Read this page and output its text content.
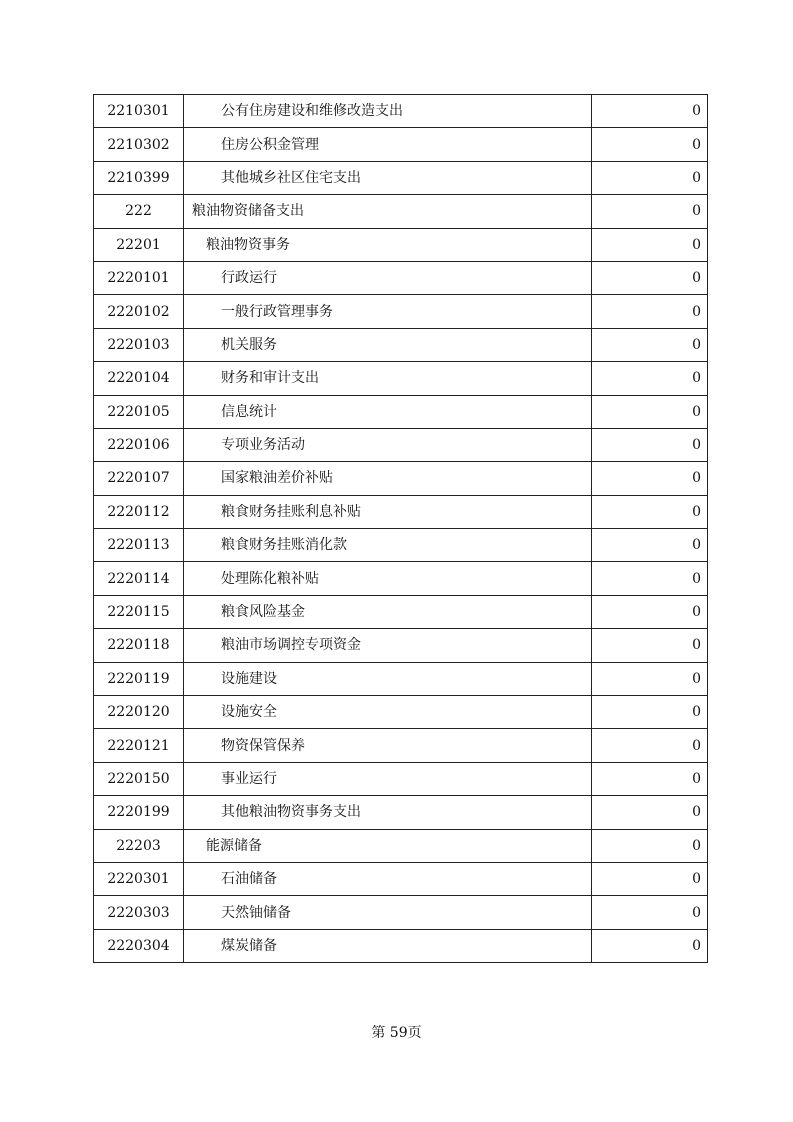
2210301	公有住房建设和维修改造支出	0
2210302	住房公积金管理	0
2210399	其他城乡社区住宅支出	0
222	粮油物资储备支出	0
22201	粮油物资事务	0
2220101	行政运行	0
2220102	一般行政管理事务	0
2220103	机关服务	0
2220104	财务和审计支出	0
2220105	信息统计	0
2220106	专项业务活动	0
2220107	国家粮油差价补贴	0
2220112	粮食财务挂账利息补贴	0
2220113	粮食财务挂账消化款	0
2220114	处理陈化粮补贴	0
2220115	粮食风险基金	0
2220118	粮油市场调控专项资金	0
2220119	设施建设	0
2220120	设施安全	0
2220121	物资保管保养	0
2220150	事业运行	0
2220199	其他粮油物资事务支出	0
22203	能源储备	0
2220301	石油储备	0
2220303	天然铀储备	0
2220304	煤炭储备	0
第 59页
